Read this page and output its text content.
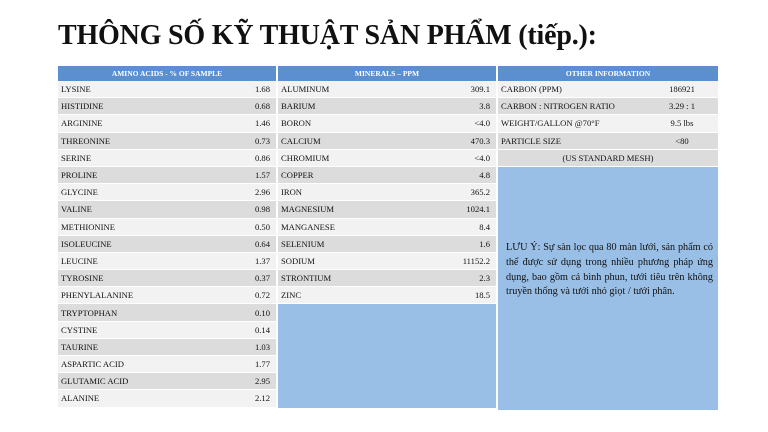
THÔNG SỐ KỸ THUẬT SẢN PHẨM (tiếp.):
AMINO ACIDS - % OF SAMPLE
LYSINE	1.68
HISTIDINE	0.68
ARGININE	1.46
THREONINE	0.73
SERINE	0.86
PROLINE	1.57
GLYCINE	2.96
VALINE	0.98
METHIONINE	0.50
ISOLEUCINE	0.64
LEUCINE	1.37
TYROSINE	0.37
PHENYLALANINE	0.72
TRYPTOPHAN	0.10
CYSTINE	0.14
TAURINE	1.03
ASPARTIC ACID	1.77
GLUTAMIC ACID	2.95
ALANINE	2.12
MINERALS – PPM
ALUMINUM	309.1
BARIUM	3.8
BORON	<4.0
CALCIUM	470.3
CHROMIUM	<4.0
COPPER	4.8
IRON	365.2
MAGNESIUM	1024.1
MANGANESE	8.4
SELENIUM	1.6
SODIUM	11152.2
STRONTIUM	2.3
ZINC	18.5
OTHER INFORMATION
CARBON (PPM)	186921
CARBON : NITROGEN RATIO	3.29 : 1
WEIGHT/GALLON @70°F	9.5 lbs
PARTICLE SIZE	<80
(US STANDARD MESH)
LƯU Ý: Sự sàn lọc qua 80 màn lưới, sản phẩm có thể được sử dụng trong nhiều phương pháp ứng dụng, bao gồm cả bình phun, tưới tiêu trên không truyền thống và tưới nhỏ giọt / tưới phân.
